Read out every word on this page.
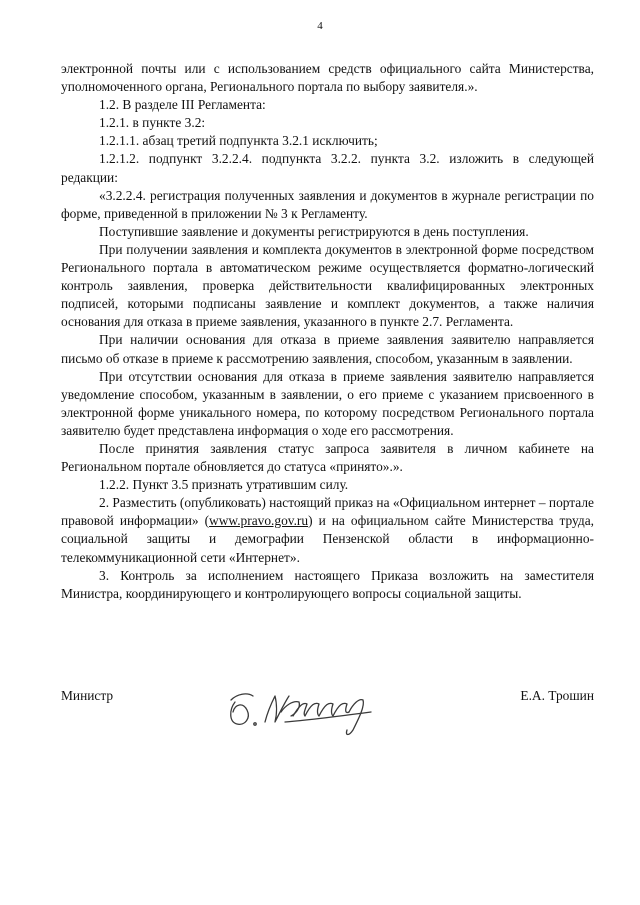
4

электронной почты или с использованием средств официального сайта Министерства, уполномоченного органа, Регионального портала по выбору заявителя.».

1.2. В разделе III Регламента:

1.2.1. в пункте 3.2:

1.2.1.1. абзац третий подпункта 3.2.1 исключить;

1.2.1.2. подпункт 3.2.2.4. подпункта 3.2.2. пункта 3.2. изложить в следующей редакции:

«3.2.2.4. регистрация полученных заявления и документов в журнале регистрации по форме, приведенной в приложении № 3 к Регламенту.

Поступившие заявление и документы регистрируются в день поступления.

При получении заявления и комплекта документов в электронной форме посредством Регионального портала в автоматическом режиме осуществляется форматно-логический контроль заявления, проверка действительности квалифицированных электронных подписей, которыми подписаны заявление и комплект документов, а также наличия основания для отказа в приеме заявления, указанного в пункте 2.7. Регламента.

При наличии основания для отказа в приеме заявления заявителю направляется письмо об отказе в приеме к рассмотрению заявления, способом, указанным в заявлении.

При отсутствии основания для отказа в приеме заявления заявителю направляется уведомление способом, указанным в заявлении, о его приеме с указанием присвоенного в электронной форме уникального номера, по которому посредством Регионального портала заявителю будет представлена информация о ходе его рассмотрения.

После принятия заявления статус запроса заявителя в личном кабинете на Региональном портале обновляется до статуса «принято».».

1.2.2. Пункт 3.5 признать утратившим силу.

2. Разместить (опубликовать) настоящий приказ на «Официальном интернет – портале правовой информации» (www.pravo.gov.ru) и на официальном сайте Министерства труда, социальной защиты и демографии Пензенской области в информационно-телекоммуникационной сети «Интернет».

3. Контроль за исполнением настоящего Приказа возложить на заместителя Министра, координирующего и контролирующего вопросы социальной защиты.

Министр	Е.А. Трошин
